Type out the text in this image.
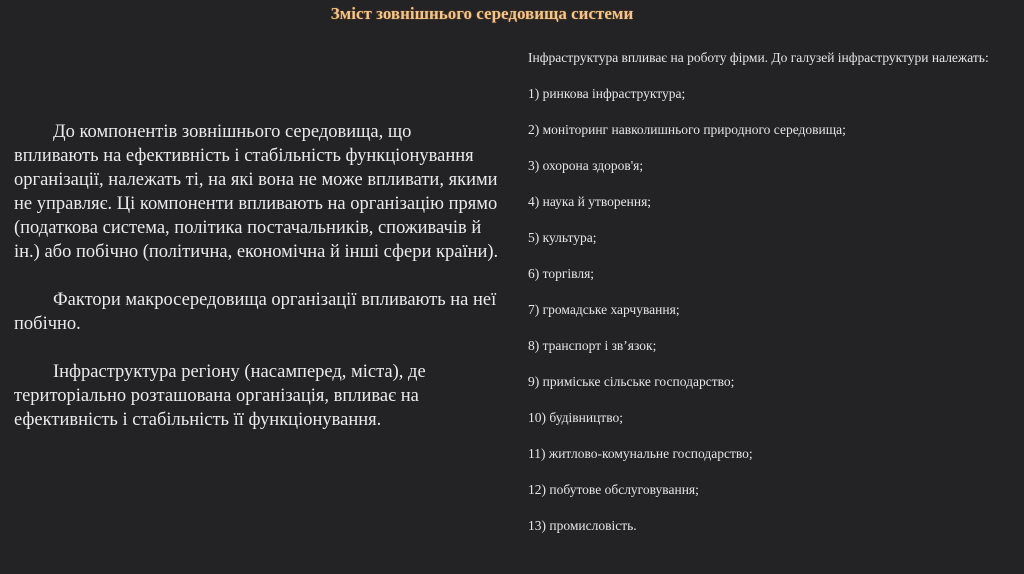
Зміст зовнішнього середовища системи

До компонентів зовнішнього середовища, що впливають на ефективність і стабільність функціонування організації, належать ті, на які вона не може впливати, якими не управляє. Ці компоненти впливають на організацію прямо (податкова система, політика постачальників, споживачів й ін.) або побічно (політична, економічна й інші сфери країни).

Фактори макросередовища організації впливають на неї побічно.

Інфраструктура регіону (насамперед, міста), де територіально розташована організація, впливає на ефективність і стабільність її функціонування.

Інфраструктура впливає на роботу фірми. До галузей інфраструктури належать:

1) ринкова інфраструктура;
2) моніторинг навколишнього природного середовища;
3) охорона здоров'я;
4) наука й утворення;
5) культура;
6) торгівля;
7) громадське харчування;
8) транспорт і зв’язок;
9) приміське сільське господарство;
10) будівництво;
11) житлово-комунальне господарство;
12) побутове обслуговування;
13) промисловість.
